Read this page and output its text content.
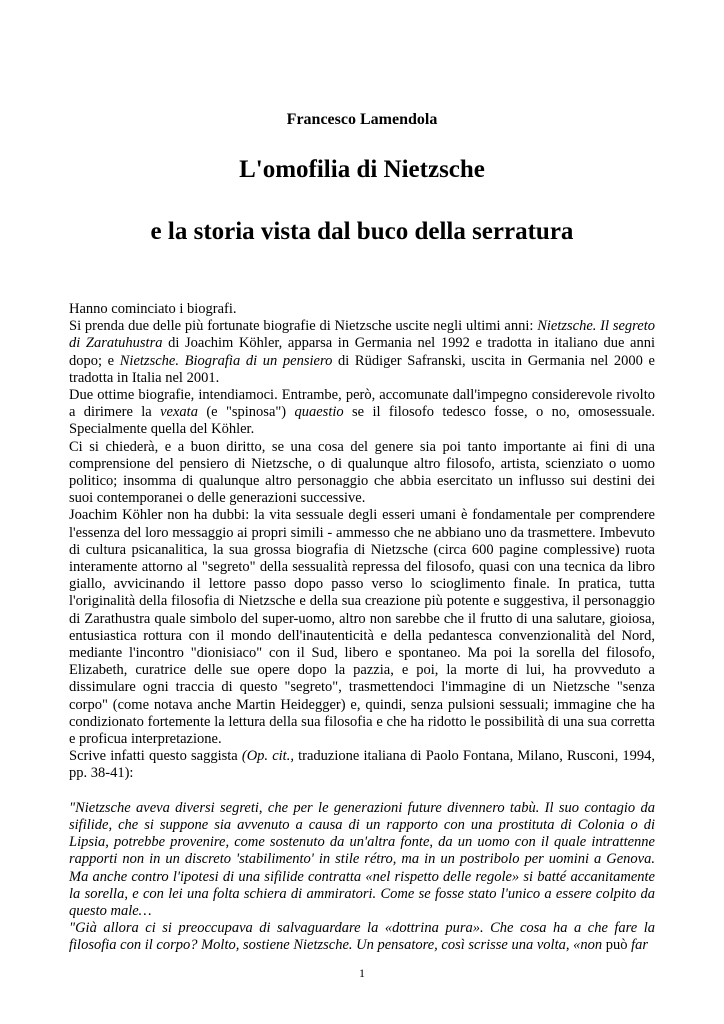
Francesco Lamendola
L'omofilia di Nietzsche
e la storia vista dal buco della serratura

Hanno cominciato i biografi.

Si prenda due delle più fortunate biografie di Nietzsche uscite negli ultimi anni: Nietzsche. Il segreto di Zaratuhustra di Joachim Köhler, apparsa in Germania nel 1992 e tradotta in italiano due anni dopo; e Nietzsche. Biografia di un pensiero di Rüdiger Safranski, uscita in Germania nel 2000 e tradotta in Italia nel 2001.

Due ottime biografie, intendiamoci. Entrambe, però, accomunate dall'impegno considerevole rivolto a dirimere la vexata (e "spinosa") quaestio se il filosofo tedesco fosse, o no, omosessuale. Specialmente quella del Köhler.

Ci si chiederà, e a buon diritto, se una cosa del genere sia poi tanto importante ai fini di una comprensione del pensiero di Nietzsche, o di qualunque altro filosofo, artista, scienziato o uomo politico; insomma di qualunque altro personaggio che abbia esercitato un influsso sui destini dei suoi contemporanei o delle generazioni successive.

Joachim Köhler non ha dubbi: la vita sessuale degli esseri umani è fondamentale per comprendere l'essenza del loro messaggio ai propri simili - ammesso che ne abbiano uno da trasmettere. Imbevuto di cultura psicanalitica, la sua grossa biografia di Nietzsche (circa 600 pagine complessive) ruota interamente attorno al "segreto" della sessualità repressa del filosofo, quasi con una tecnica da libro giallo, avvicinando il lettore passo dopo passo verso lo scioglimento finale. In pratica, tutta l'originalità della filosofia di Nietzsche e della sua creazione più potente e suggestiva, il personaggio di Zarathustra quale simbolo del super-uomo, altro non sarebbe che il frutto di una salutare, gioiosa, entusiastica rottura con il mondo dell'inautenticità e della pedantesca convenzionalità del Nord, mediante l'incontro "dionisiaco" con il Sud, libero e spontaneo. Ma poi la sorella del filosofo, Elizabeth, curatrice delle sue opere dopo la pazzia, e poi, la morte di lui, ha provveduto a dissimulare ogni traccia di questo "segreto", trasmettendoci l'immagine di un Nietzsche "senza corpo" (come notava anche Martin Heidegger) e, quindi, senza pulsioni sessuali; immagine che ha condizionato fortemente la lettura della sua filosofia e che ha ridotto le possibilità di una sua corretta e proficua interpretazione.

Scrive infatti questo saggista (Op. cit., traduzione italiana di Paolo Fontana, Milano, Rusconi, 1994, pp. 38-41):

"Nietzsche aveva diversi segreti, che per le generazioni future divennero tabù. Il suo contagio da sifilide, che si suppone sia avvenuto a causa di un rapporto con una prostituta di Colonia o di Lipsia, potrebbe provenire, come sostenuto da un'altra fonte, da un uomo con il quale intrattenne rapporti non in un discreto 'stabilimento' in stile rétro, ma in un postribolo per uomini a Genova. Ma anche contro l'ipotesi di una sifilide contratta «nel rispetto delle regole» si batté accanitamente la sorella, e con lei una folta schiera di ammiratori. Come se fosse stato l'unico a essere colpito da questo male…

"Già allora ci si preoccupava di salvaguardare la «dottrina pura». Che cosa ha a che fare la filosofia con il corpo? Molto, sostiene Nietzsche. Un pensatore, così scrisse una volta, «non può far

1
